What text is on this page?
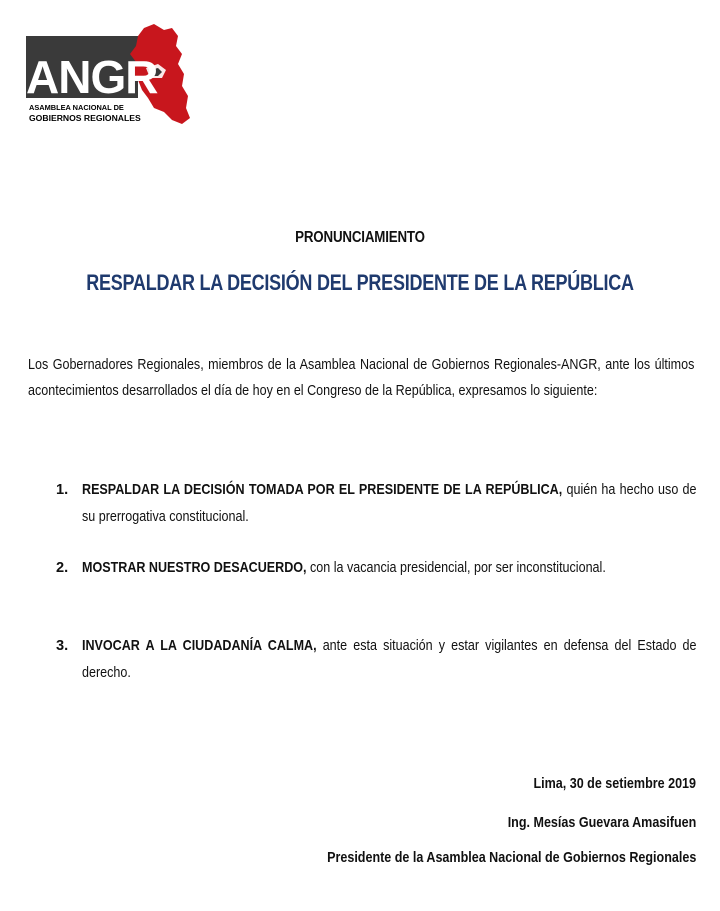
ANGR
ASAMBLEA NACIONAL DE
GOBIERNOS REGIONALES
PRONUNCIAMIENTO
RESPALDAR LA DECISIÓN DEL PRESIDENTE DE LA REPÚBLICA
Los Gobernadores Regionales, miembros de la Asamblea Nacional de Gobiernos Regionales-ANGR, ante los últimos acontecimientos desarrollados el día de hoy en el Congreso de la República, expresamos lo siguiente:
1. RESPALDAR LA DECISIÓN TOMADA POR EL PRESIDENTE DE LA REPÚBLICA, quién ha hecho uso de su prerrogativa constitucional.
2. MOSTRAR NUESTRO DESACUERDO, con la vacancia presidencial, por ser inconstitucional.
3. INVOCAR A LA CIUDADANÍA CALMA, ante esta situación y estar vigilantes en defensa del Estado de derecho.
Lima, 30 de setiembre 2019
Ing. Mesías Guevara Amasifuen
Presidente de la Asamblea Nacional de Gobiernos Regionales
